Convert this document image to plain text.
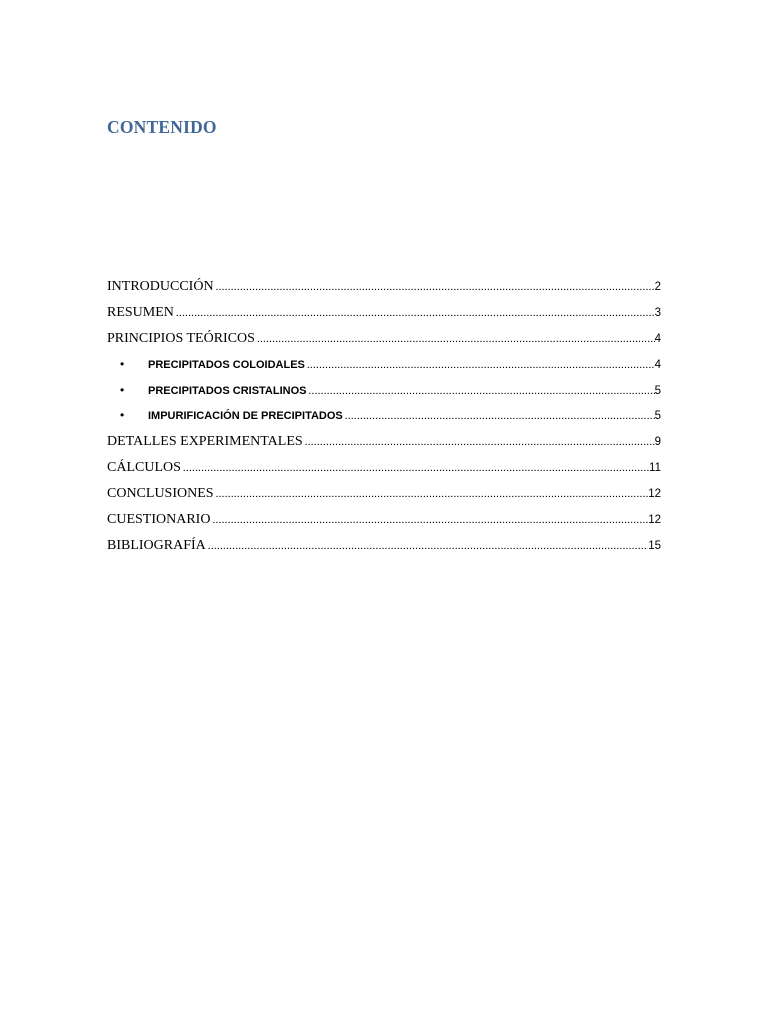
CONTENIDO
INTRODUCCIÓN .....	2
RESUMEN .....	3
PRINCIPIOS TEÓRICOS .....	4
•	PRECIPITADOS COLOIDALES .....	4
•	PRECIPITADOS CRISTALINOS .....	5
•	IMPURIFICACIÓN DE PRECIPITADOS .....	5
DETALLES EXPERIMENTALES .....	9
CÁLCULOS .....	11
CONCLUSIONES .....	12
CUESTIONARIO .....	12
BIBLIOGRAFÍA .....	15
